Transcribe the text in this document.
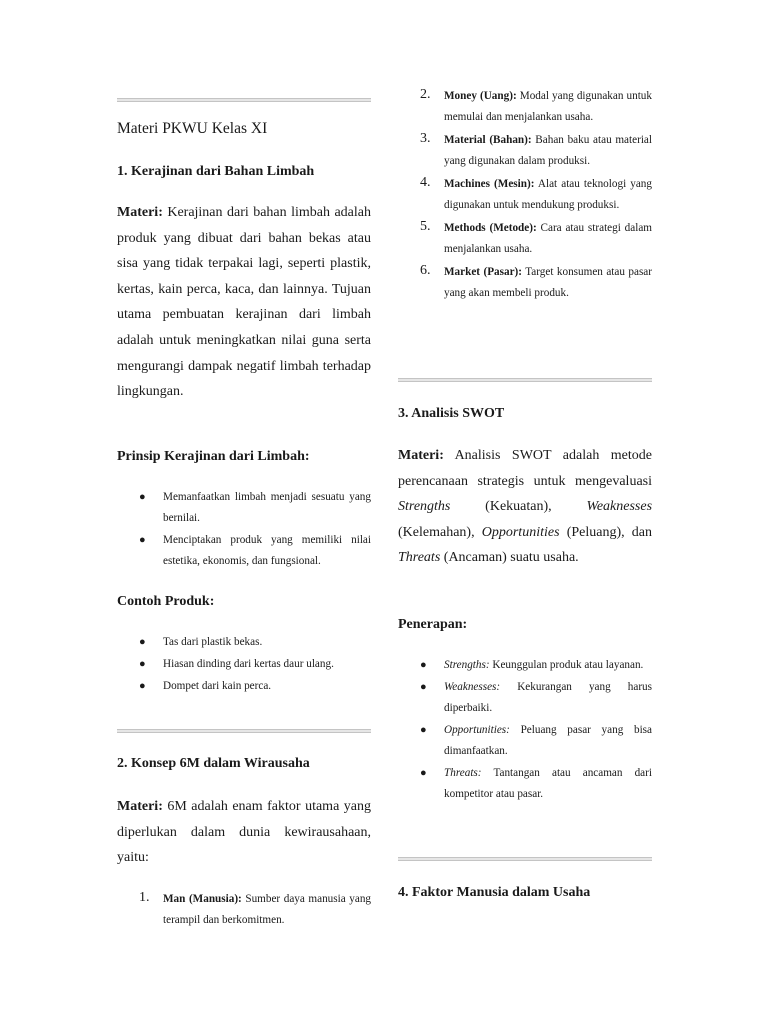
Materi PKWU Kelas XI
1. Kerajinan dari Bahan Limbah
Materi: Kerajinan dari bahan limbah adalah produk yang dibuat dari bahan bekas atau sisa yang tidak terpakai lagi, seperti plastik, kertas, kain perca, kaca, dan lainnya. Tujuan utama pembuatan kerajinan dari limbah adalah untuk meningkatkan nilai guna serta mengurangi dampak negatif limbah terhadap lingkungan.
Prinsip Kerajinan dari Limbah:
● Memanfaatkan limbah menjadi sesuatu yang bernilai.
● Menciptakan produk yang memiliki nilai estetika, ekonomis, dan fungsional.
Contoh Produk:
● Tas dari plastik bekas.
● Hiasan dinding dari kertas daur ulang.
● Dompet dari kain perca.
2. Konsep 6M dalam Wirausaha
Materi: 6M adalah enam faktor utama yang diperlukan dalam dunia kewirausahaan, yaitu:
1. Man (Manusia): Sumber daya manusia yang terampil dan berkomitmen.
2. Money (Uang): Modal yang digunakan untuk memulai dan menjalankan usaha.
3. Material (Bahan): Bahan baku atau material yang digunakan dalam produksi.
4. Machines (Mesin): Alat atau teknologi yang digunakan untuk mendukung produksi.
5. Methods (Metode): Cara atau strategi dalam menjalankan usaha.
6. Market (Pasar): Target konsumen atau pasar yang akan membeli produk.
3. Analisis SWOT
Materi: Analisis SWOT adalah metode perencanaan strategis untuk mengevaluasi Strengths (Kekuatan), Weaknesses (Kelemahan), Opportunities (Peluang), dan Threats (Ancaman) suatu usaha.
Penerapan:
● Strengths: Keunggulan produk atau layanan.
● Weaknesses: Kekurangan yang harus diperbaiki.
● Opportunities: Peluang pasar yang bisa dimanfaatkan.
● Threats: Tantangan atau ancaman dari kompetitor atau pasar.
4. Faktor Manusia dalam Usaha
